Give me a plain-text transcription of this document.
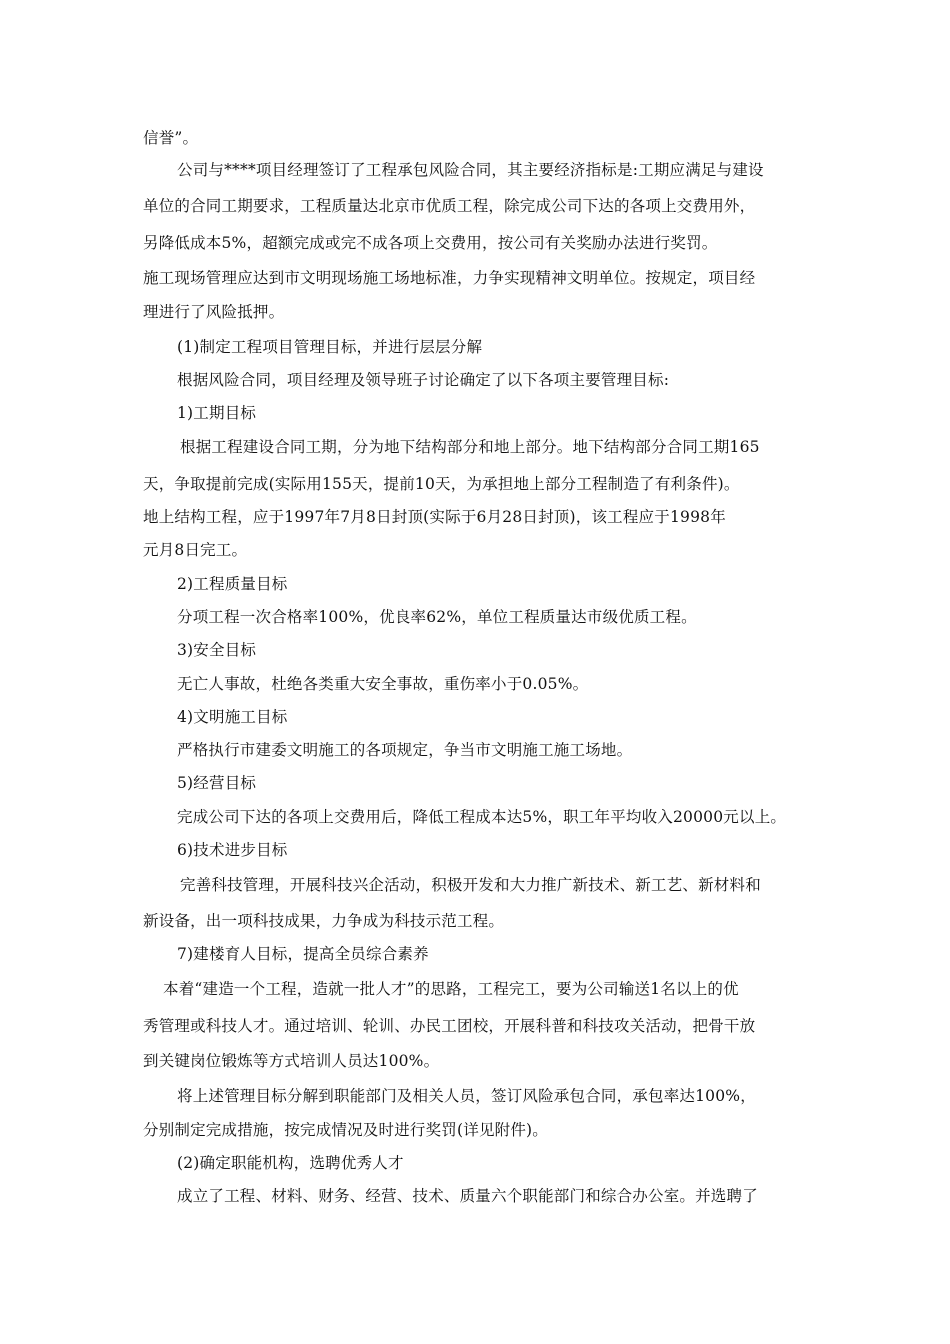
信誉”。
公司与****项目经理签订了工程承包风险合同，其主要经济指标是:工期应满足与建设
单位的合同工期要求，工程质量达北京市优质工程，除完成公司下达的各项上交费用外，
另降低成本5%，超额完成或完不成各项上交费用，按公司有关奖励办法进行奖罚。
施工现场管理应达到市文明现场施工场地标准，力争实现精神文明单位。按规定，项目经
理进行了风险抵押。
(1)制定工程项目管理目标，并进行层层分解
根据风险合同，项目经理及领导班子讨论确定了以下各项主要管理目标:
1)工期目标
根据工程建设合同工期，分为地下结构部分和地上部分。地下结构部分合同工期165
天，争取提前完成(实际用155天，提前10天，为承担地上部分工程制造了有利条件)。
地上结构工程，应于1997年7月8日封顶(实际于6月28日封顶)，该工程应于1998年
元月8日完工。
2)工程质量目标
分项工程一次合格率100%，优良率62%，单位工程质量达市级优质工程。
3)安全目标
无亡人事故，杜绝各类重大安全事故，重伤率小于0.05%。
4)文明施工目标
严格执行市建委文明施工的各项规定，争当市文明施工施工场地。
5)经营目标
完成公司下达的各项上交费用后，降低工程成本达5%，职工年平均收入20000元以上。
6)技术进步目标
完善科技管理，开展科技兴企活动，积极开发和大力推广新技术、新工艺、新材料和
新设备，出一项科技成果，力争成为科技示范工程。
7)建楼育人目标，提高全员综合素养
本着“建造一个工程，造就一批人才”的思路，工程完工，要为公司输送1名以上的优
秀管理或科技人才。通过培训、轮训、办民工团校，开展科普和科技攻关活动，把骨干放
到关键岗位锻炼等方式培训人员达100%。
将上述管理目标分解到职能部门及相关人员，签订风险承包合同，承包率达100%，
分别制定完成措施，按完成情况及时进行奖罚(详见附件)。
(2)确定职能机构，选聘优秀人才
成立了工程、材料、财务、经营、技术、质量六个职能部门和综合办公室。并选聘了
